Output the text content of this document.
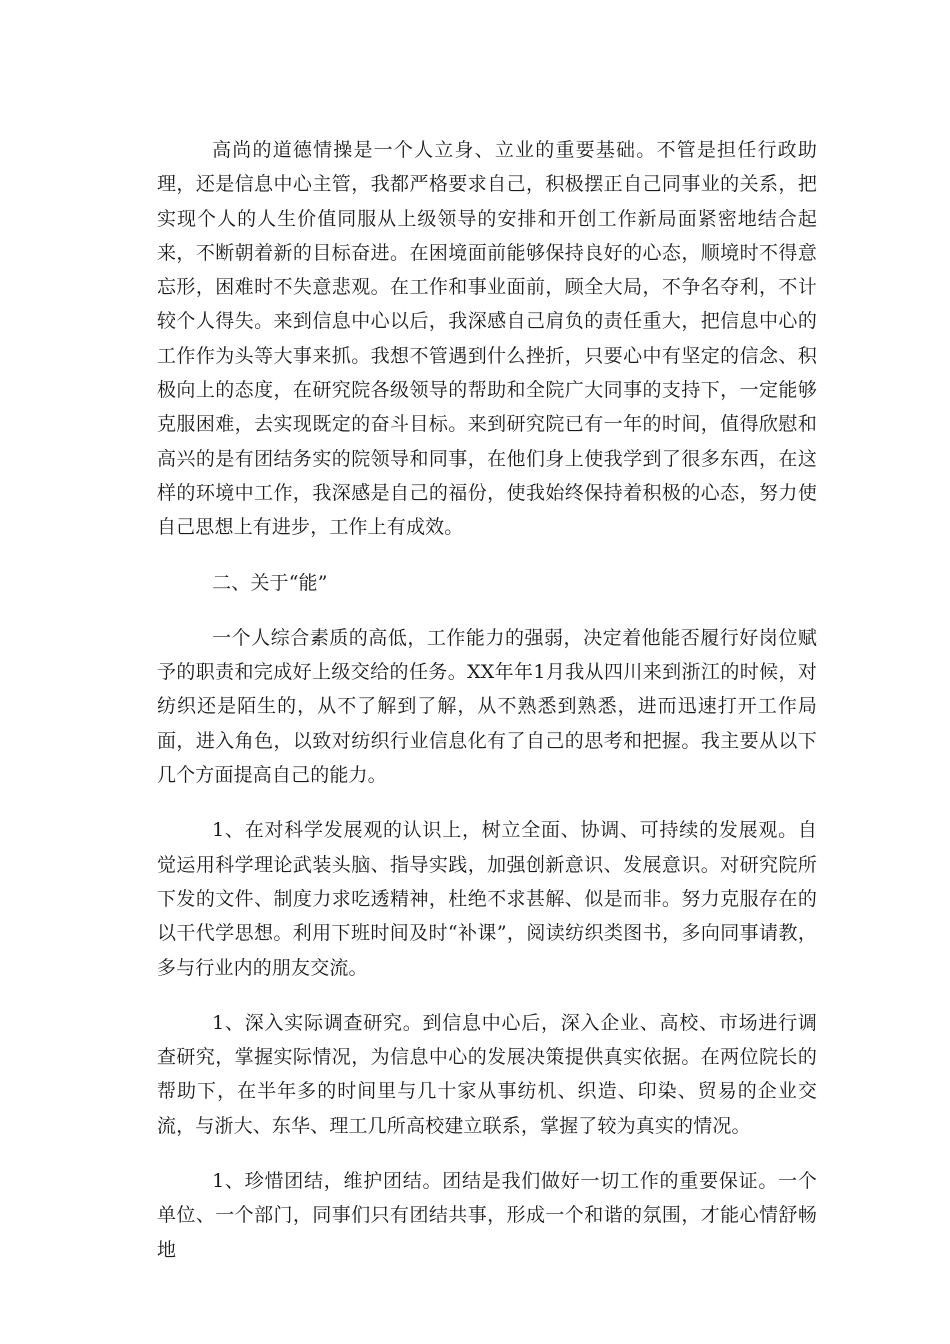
高尚的道德情操是一个人立身、立业的重要基础。不管是担任行政助理，还是信息中心主管，我都严格要求自己，积极摆正自己同事业的关系，把实现个人的人生价值同服从上级领导的安排和开创工作新局面紧密地结合起来，不断朝着新的目标奋进。在困境面前能够保持良好的心态，顺境时不得意忘形，困难时不失意悲观。在工作和事业面前，顾全大局，不争名夺利，不计较个人得失。来到信息中心以后，我深感自己肩负的责任重大，把信息中心的工作作为头等大事来抓。我想不管遇到什么挫折，只要心中有坚定的信念、积极向上的态度，在研究院各级领导的帮助和全院广大同事的支持下，一定能够克服困难，去实现既定的奋斗目标。来到研究院已有一年的时间，值得欣慰和高兴的是有团结务实的院领导和同事，在他们身上使我学到了很多东西，在这样的环境中工作，我深感是自己的福份，使我始终保持着积极的心态，努力使自己思想上有进步，工作上有成效。

二、关于“能”

一个人综合素质的高低，工作能力的强弱，决定着他能否履行好岗位赋予的职责和完成好上级交给的任务。XX年年1月我从四川来到浙江的时候，对纺织还是陌生的，从不了解到了解，从不熟悉到熟悉，进而迅速打开工作局面，进入角色，以致对纺织行业信息化有了自己的思考和把握。我主要从以下几个方面提高自己的能力。

1、在对科学发展观的认识上，树立全面、协调、可持续的发展观。自觉运用科学理论武装头脑、指导实践，加强创新意识、发展意识。对研究院所下发的文件、制度力求吃透精神，杜绝不求甚解、似是而非。努力克服存在的以干代学思想。利用下班时间及时“补课”，阅读纺织类图书，多向同事请教，多与行业内的朋友交流。

1、深入实际调查研究。到信息中心后，深入企业、高校、市场进行调查研究，掌握实际情况，为信息中心的发展决策提供真实依据。在两位院长的帮助下，在半年多的时间里与几十家从事纺机、织造、印染、贸易的企业交流，与浙大、东华、理工几所高校建立联系，掌握了较为真实的情况。

1、珍惜团结，维护团结。团结是我们做好一切工作的重要保证。一个单位、一个部门，同事们只有团结共事，形成一个和谐的氛围，才能心情舒畅地
